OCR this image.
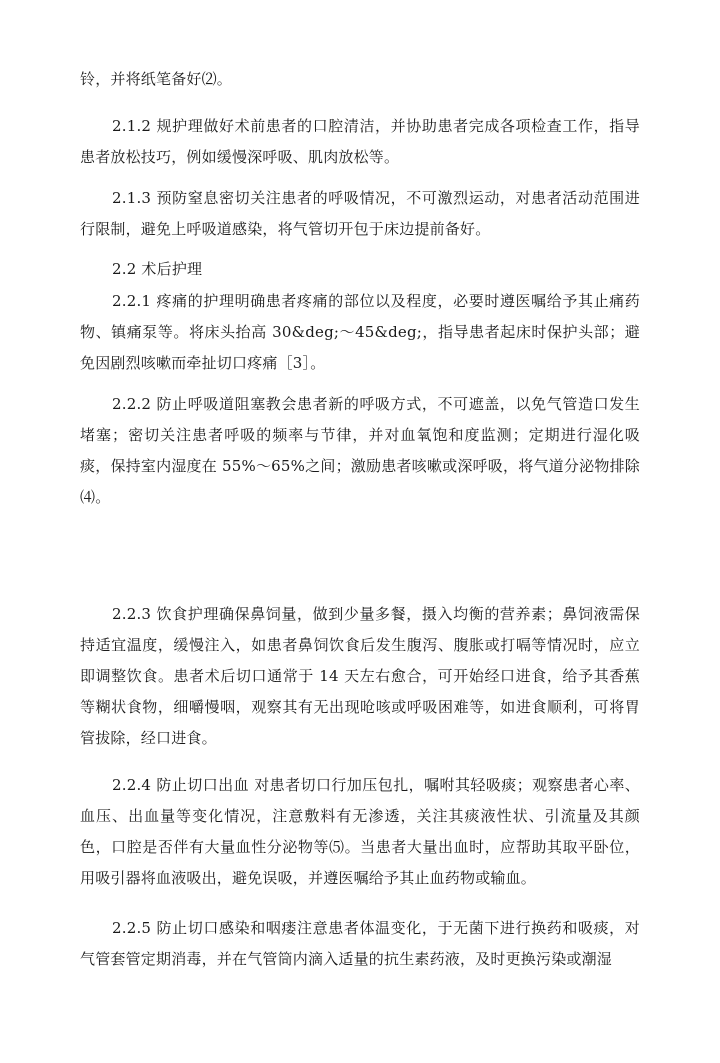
铃，并将纸笔备好⑵。

2.1.2 规护理做好术前患者的口腔清洁，并协助患者完成各项检查工作，指导患者放松技巧，例如缓慢深呼吸、肌肉放松等。

2.1.3 预防窒息密切关注患者的呼吸情况，不可激烈运动，对患者活动范围进行限制，避免上呼吸道感染，将气管切开包于床边提前备好。

2.2 术后护理

2.2.1 疼痛的护理明确患者疼痛的部位以及程度，必要时遵医嘱给予其止痛药物、镇痛泵等。将床头抬高 30&deg;～45&deg;，指导患者起床时保护头部；避免因剧烈咳嗽而牵扯切口疼痛［3］。

2.2.2 防止呼吸道阻塞教会患者新的呼吸方式，不可遮盖，以免气管造口发生堵塞；密切关注患者呼吸的频率与节律，并对血氧饱和度监测；定期进行湿化吸痰，保持室内湿度在 55%～65%之间；激励患者咳嗽或深呼吸，将气道分泌物排除⑷。

2.2.3 饮食护理确保鼻饲量，做到少量多餐，摄入均衡的营养素；鼻饲液需保持适宜温度，缓慢注入，如患者鼻饲饮食后发生腹泻、腹胀或打嗝等情况时，应立即调整饮食。患者术后切口通常于 14 天左右愈合，可开始经口进食，给予其香蕉等糊状食物，细嚼慢咽，观察其有无出现呛咳或呼吸困难等，如进食顺利，可将胃管拔除，经口进食。

2.2.4 防止切口出血 对患者切口行加压包扎，嘱咐其轻吸痰；观察患者心率、血压、出血量等变化情况，注意敷料有无渗透，关注其痰液性状、引流量及其颜色，口腔是否伴有大量血性分泌物等⑸。当患者大量出血时，应帮助其取平卧位，用吸引器将血液吸出，避免误吸，并遵医嘱给予其止血药物或输血。

2.2.5 防止切口感染和咽瘘注意患者体温变化，于无菌下进行换药和吸痰，对气管套管定期消毒，并在气管筒内滴入适量的抗生素药液，及时更换污染或潮湿
